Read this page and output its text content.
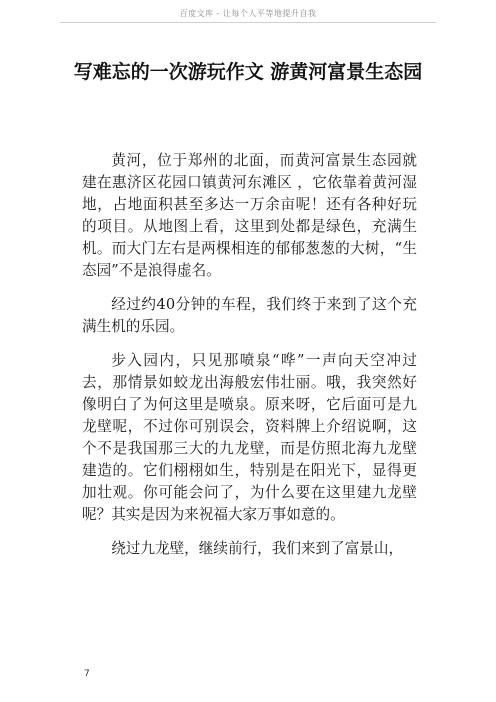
百度文库 - 让每个人平等地提升自我
写难忘的一次游玩作文 游黄河富景生态园

黄河，位于郑州的北面，而黄河富景生态园就建在惠济区花园口镇黄河东滩区 ，它依靠着黄河湿地，占地面积甚至多达一万余亩呢！还有各种好玩的项目。从地图上看，这里到处都是绿色，充满生机。而大门左右是两棵相连的郁郁葱葱的大树，“生态园”不是浪得虚名。

经过约40分钟的车程，我们终于来到了这个充满生机的乐园。

步入园内，只见那喷泉“哗”一声向天空冲过去，那情景如蛟龙出海般宏伟壮丽。哦，我突然好像明白了为何这里是喷泉。原来呀，它后面可是九龙壁呢，不过你可别误会，资料牌上介绍说啊，这个不是我国那三大的九龙壁，而是仿照北海九龙壁建造的。它们栩栩如生，特别是在阳光下，显得更加壮观。你可能会问了，为什么要在这里建九龙壁呢？其实是因为来祝福大家万事如意的。

绕过九龙壁，继续前行，我们来到了富景山，

7
